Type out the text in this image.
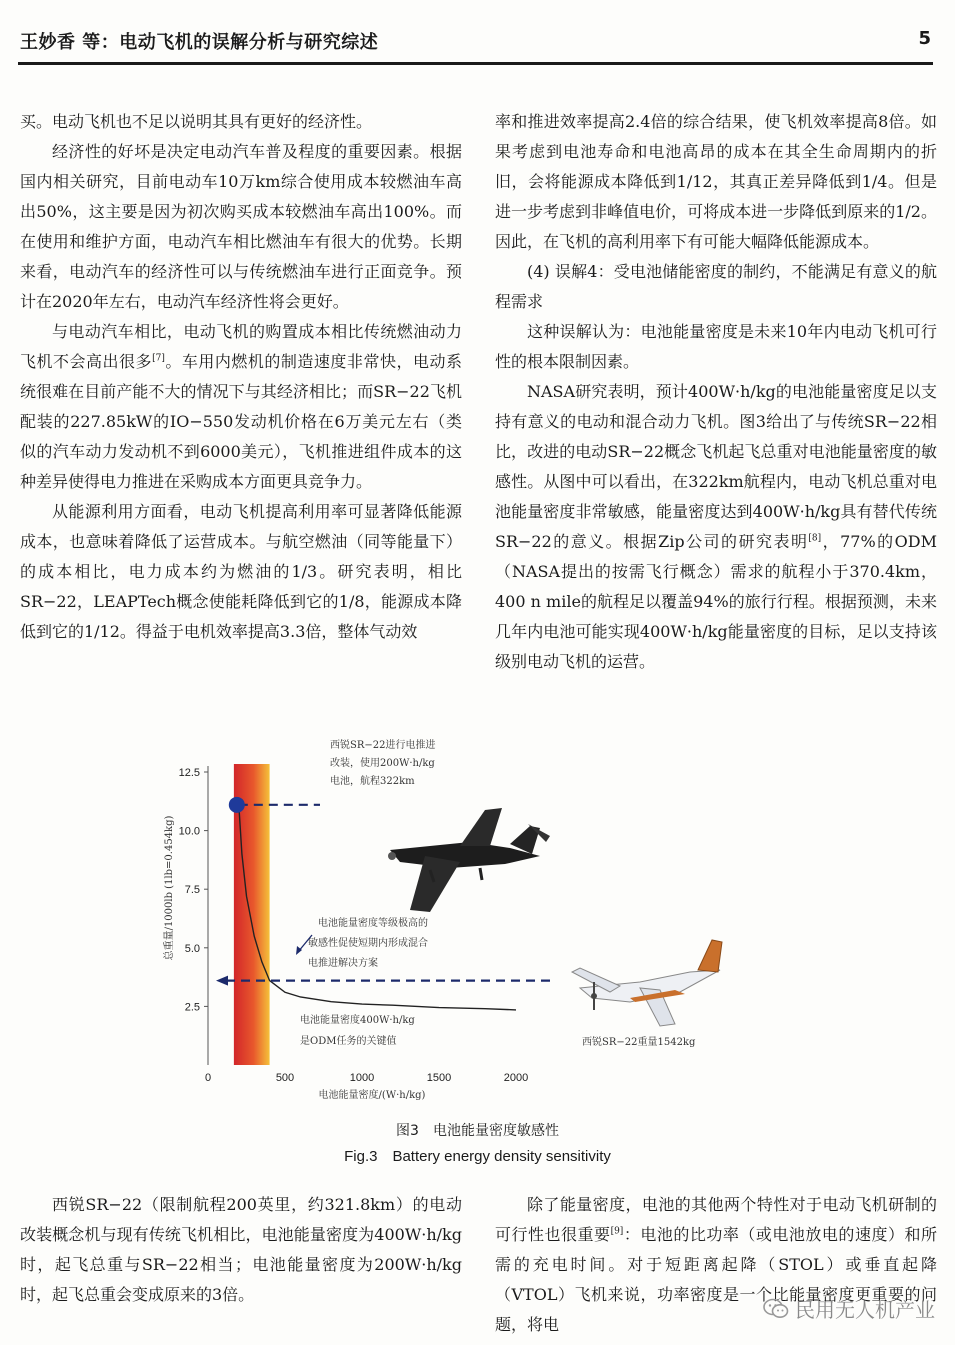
王妙香 等：电动飞机的误解分析与研究综述	5

买。电动飞机也不足以说明其具有更好的经济性。

经济性的好坏是决定电动汽车普及程度的重要因素。根据国内相关研究，目前电动车10万km综合使用成本较燃油车高出50%，这主要是因为初次购买成本较燃油车高出100%。而在使用和维护方面，电动汽车相比燃油车有很大的优势。长期来看，电动汽车的经济性可以与传统燃油车进行正面竞争。预计在2020年左右，电动汽车经济性将会更好。

与电动汽车相比，电动飞机的购置成本相比传统燃油动力飞机不会高出很多[7]。车用内燃机的制造速度非常快，电动系统很难在目前产能不大的情况下与其经济相比；而SR−22飞机配装的227.85kW的IO−550发动机价格在6万美元左右（类似的汽车动力发动机不到6000美元），飞机推进组件成本的这种差异使得电力推进在采购成本方面更具竞争力。

从能源利用方面看，电动飞机提高利用率可显著降低能源成本，也意味着降低了运营成本。与航空燃油（同等能量下）的成本相比，电力成本约为燃油的1/3。研究表明，相比SR−22，LEAPTech概念使能耗降低到它的1/8，能源成本降低到它的1/12。得益于电机效率提高3.3倍，整体气动效

率和推进效率提高2.4倍的综合结果，使飞机效率提高8倍。如果考虑到电池寿命和电池高昂的成本在其全生命周期内的折旧，会将能源成本降低到1/12，其真正差异降低到1/4。但是进一步考虑到非峰值电价，可将成本进一步降低到原来的1/2。因此，在飞机的高利用率下有可能大幅降低能源成本。

(4) 误解4：受电池储能密度的制约，不能满足有意义的航程需求

这种误解认为：电池能量密度是未来10年内电动飞机可行性的根本限制因素。

NASA研究表明，预计400W·h/kg的电池能量密度足以支持有意义的电动和混合动力飞机。图3给出了与传统SR−22相比，改进的电动SR−22概念飞机起飞总重对电池能量密度的敏感性。从图中可以看出，在322km航程内，电动飞机总重对电池能量密度非常敏感，能量密度达到400W·h/kg具有替代传统SR−22的意义。根据Zip公司的研究表明[8]，77%的ODM（NASA提出的按需飞行概念）需求的航程小于370.4km，400 n mile的航程足以覆盖94%的旅行行程。根据预测，未来几年内电池可能实现400W·h/kg能量密度的目标，足以支持该级别电动飞机的运营。

2.5
5.0
7.5
10.0
12.5
0	500	1000	1500	2000
总重量/1000lb (1lb=0.454kg)
电池能量密度/(W·h/kg)
西锐SR−22进行电推进
改装，使用200W·h/kg
电池，航程322km
电池能量密度等级极高的
敏感性促使短期内形成混合
电推进解决方案
电池能量密度400W·h/kg
是ODM任务的关键值	西锐SR−22重量1542kg
图3　电池能量密度敏感性
Fig.3　Battery energy density sensitivity

西锐SR−22（限制航程200英里，约321.8km）的电动改装概念机与现有传统飞机相比，电池能量密度为400W·h/kg时，起飞总重与SR−22相当；电池能量密度为200W·h/kg时，起飞总重会变成原来的3倍。

除了能量密度，电池的其他两个特性对于电动飞机研制的可行性也很重要[9]：电池的比功率（或电池放电的速度）和所需的充电时间。对于短距离起降（STOL）或垂直起降（VTOL）飞机来说，功率密度是一个比能量密度更重要的问题，将电

民用无人机产业
